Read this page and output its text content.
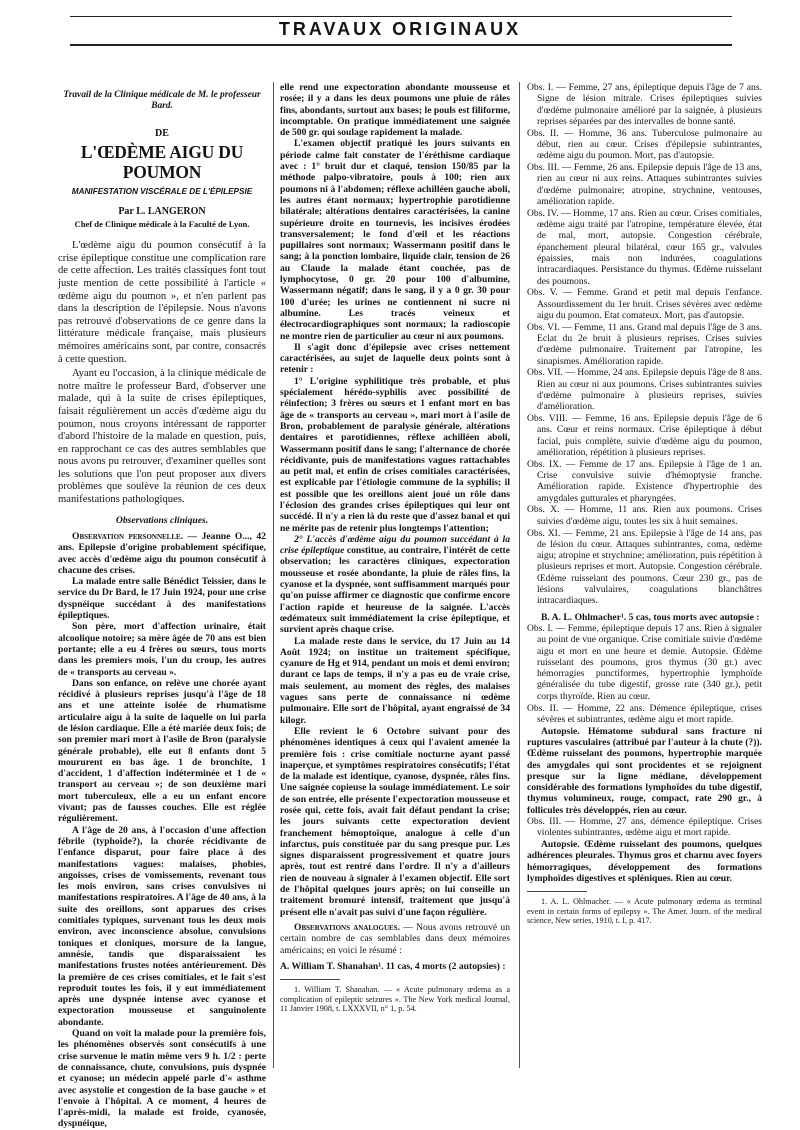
TRAVAUX ORIGINAUX

Travail de la Clinique médicale de M. le professeur Bard.

DE

L'ŒDÈME AIGU DU POUMON

MANIFESTATION VISCÉRALE DE L'ÉPILEPSIE

Par L. LANGERON

Chef de Clinique médicale à la Faculté de Lyon.

L'œdème aigu du poumon consécutif à la crise épileptique constitue une complication rare de cette affection. Les traités classiques font tout juste mention de cette possibilité à l'article « œdème aigu du poumon », et n'en parlent pas dans la description de l'épilepsie. Nous n'avons pas retrouvé d'observations de ce genre dans la littérature médicale française, mais plusieurs mémoires américains sont, par contre, consacrés à cette question.

Ayant eu l'occasion, à la clinique médicale de notre maître le professeur Bard, d'observer une malade, qui à la suite de crises épileptiques, faisait régulièrement un accès d'œdème aigu du poumon, nous croyons intéressant de rapporter d'abord l'histoire de la malade en question, puis, en rapprochant ce cas des autres semblables que nous avons pu retrouver, d'examiner quelles sont les solutions que l'on peut proposer aux divers problèmes que soulève la réunion de ces deux manifestations pathologiques.

Observations cliniques.

Observation personnelle. — Jeanne O..., 42 ans. Epilepsie d'origine probablement spécifique, avec accès d'œdème aigu du poumon consécutif à chacune des crises.

La malade entre salle Bénédict Teissier, dans le service du Dr Bard, le 17 Juin 1924, pour une crise dyspnéique succédant à des manifestations épileptiques.

Son père, mort d'affection urinaire, était alcoolique notoire; sa mère âgée de 70 ans est bien portante; elle a eu 4 frères ou sœurs, tous morts dans les premiers mois, l'un du croup, les autres de « transports au cerveau ».

Dans son enfance, on relève une chorée ayant récidivé à plusieurs reprises jusqu'à l'âge de 18 ans et une atteinte isolée de rhumatisme articulaire aigu à la suite de laquelle on lui parla de lésion cardiaque. Elle a été mariée deux fois; de son premier mari mort à l'asile de Bron (paralysie générale probable), elle eut 8 enfants dont 5 moururent en bas âge. 1 de bronchite, 1 d'accident, 1 d'affection indéterminée et 1 de « transport au cerveau »; de son deuxième mari mort tuberculeux, elle a eu un enfant encore vivant; pas de fausses couches. Elle est réglée régulièrement.

A l'âge de 20 ans, à l'occasion d'une affection fébrile (typhoïde?), la chorée récidivante de l'enfance disparut, pour faire place à des manifestations vagues: malaises, phobies, angoisses, crises de vomissements, revenant tous les mois environ, sans crises convulsives ni manifestations respiratoires. A l'âge de 40 ans, à la suite des oreillons, sont apparues des crises comitiales typiques, survenant tous les deux mois environ, avec inconscience absolue, convulsions toniques et cloniques, morsure de la langue, amnésie, tandis que disparaissaient les manifestations frustes notées antérieurement. Dès la première de ces crises comitiales, et le fait s'est reproduit toutes les fois, il y eut immédiatement après une dyspnée intense avec cyanose et expectoration mousseuse et sanguinolente abondante.

Quand on voit la malade pour la première fois, les phénomènes observés sont consécutifs à une crise survenue le matin même vers 9 h. 1/2 : perte de connaissance, chute, convulsions, puis dyspnée et cyanose; un médecin appelé parle d'« asthme avec asystolie et congestion de la base gauche » et l'envoie à l'hôpital. A ce moment, 4 heures de l'après-midi, la malade est froide, cyanosée, dyspnéique,

elle rend une expectoration abondante mousseuse et rosée; il y a dans les deux poumons une pluie de râles fins, abondants, surtout aux bases; le pouls est filiforme, incomptable. On pratique immédiatement une saignée de 500 gr. qui soulage rapidement la malade.

L'examen objectif pratiqué les jours suivants en période calme fait constater de l'éréthisme cardiaque avec : 1° bruit dur et claqué, tension 150/85 par la méthode palpo-vibratoire, pouls à 100; rien aux poumons ni à l'abdomen; réflexe achilléen gauche aboli, les autres étant normaux; hypertrophie parotidienne bilatérale; altérations dentaires caractérisées, la canine supérieure droite en tournevis, les incisives érodées transversalement; le fond d'œil et les réactions pupillaires sont normaux; Wassermann positif dans le sang; à la ponction lombaire, liquide clair, tension de 26 au Claude la malade étant couchée, pas de lymphocytose, 0 gr. 20 pour 100 d'albumine, Wassermann négatif; dans le sang, il y a 0 gr. 30 pour 100 d'urée; les urines ne contiennent ni sucre ni albumine. Les tracés veineux et électrocardiographiques sont normaux; la radioscopie ne montre rien de particulier au cœur ni aux poumons.

Il s'agit donc d'épilepsie avec crises nettement caractérisées, au sujet de laquelle deux points sont à retenir :

1° L'origine syphilitique très probable, et plus spécialement hérédo-syphilis avec possibilité de réinfection; 3 frères ou sœurs et 1 enfant mort en bas âge de « transports au cerveau », mari mort à l'asile de Bron, probablement de paralysie générale, altérations dentaires et parotidiennes, réflexe achilléen aboli, Wassermann positif dans le sang; l'alternance de chorée récidivante, puis de manifestations vagues rattachables au petit mal, et enfin de crises comitiales caractérisées, est explicable par l'étiologie commune de la syphilis; il est possible que les oreillons aient joué un rôle dans l'éclosion des grandes crises épileptiques qui leur ont succédé. Il n'y a rien là du reste que d'assez banal et qui ne mérite pas de retenir plus longtemps l'attention;

2° L'accès d'œdème aigu du poumon succédant à la crise épileptique constitue, au contraire, l'intérêt de cette observation; les caractères cliniques, expectoration mousseuse et rosée abondante, la pluie de râles fins, la cyanose et la dyspnée, sont suffisamment marqués pour qu'on puisse affirmer ce diagnostic que confirme encore l'action rapide et heureuse de la saignée. L'accès œdémateux suit immédiatement la crise épileptique, et survient après chaque crise.

La malade reste dans le service, du 17 Juin au 14 Août 1924; on institue un traitement spécifique, cyanure de Hg et 914, pendant un mois et demi environ; durant ce laps de temps, il n'y a pas eu de vraie crise, mais seulement, au moment des règles, des malaises vagues sans perte de connaissance ni œdème pulmonaire. Elle sort de l'hôpital, ayant engraissé de 34 kilogr.

Elle revient le 6 Octobre suivant pour des phénomènes identiques à ceux qui l'avaient amenée la première fois : crise comitiale nocturne ayant passé inaperçue, et symptômes respiratoires consécutifs; l'état de la malade est identique, cyanose, dyspnée, râles fins. Une saignée copieuse la soulage immédiatement. Le soir de son entrée, elle présente l'expectoration mousseuse et rosée qui, cette fois, avait fait défaut pendant la crise; les jours suivants cette expectoration devient franchement hémoptoïque, analogue à celle d'un infarctus, puis constituée par du sang presque pur. Les signes disparaissent progressivement et quatre jours après, tout est rentré dans l'ordre. Il n'y a d'ailleurs rien de nouveau à signaler à l'examen objectif. Elle sort de l'hôpital quelques jours après; on lui conseille un traitement bromuré intensif, traitement que jusqu'à présent elle n'avait pas suivi d'une façon régulière.

Observations analogues. — Nous avons retrouvé un certain nombre de cas semblables dans deux mémoires américains; en voici le résumé :

A. William T. Shanahan¹. 11 cas, 4 morts (2 autopsies) :

1. William T. Shanahan. — « Acute pulmonary œdema as a complication of epileptic seizures ». The New York medical Journal, 11 Janvier 1908, t. LXXXVII, n° 1, p. 54.

Obs. I. — Femme, 27 ans, épileptique depuis l'âge de 7 ans. Signe de lésion mitrale. Crises épileptiques suivies d'œdème pulmonaire amélioré par la saignée, à plusieurs reprises séparées par des intervalles de bonne santé.

Obs. II. — Homme, 36 ans. Tuberculose pulmonaire au début, rien au cœur. Crises d'épilepsie subintrantes, œdème aigu du poumon. Mort, pas d'autopsie.

Obs. III. — Femme, 26 ans. Epilepsie depuis l'âge de 13 ans, rien au cœur ni aux reins. Attaques subintrantes suivies d'œdème pulmonaire; atropine, strychnine, ventouses, amélioration rapide.

Obs. IV. — Homme, 17 ans. Rien au cœur. Crises comitiales, œdème aigu traité par l'atropine, température élevée, état de mal, mort, autopsie. Congestion cérébrale, épanchement pleural bilatéral, cœur 165 gr., valvules épaissies, mais non indurées, coagulations intracardiaques. Persistance du thymus. Œdème ruisselant des poumons.

Obs. V. — Femme. Grand et petit mal depuis l'enfance. Assourdissement du 1er bruit. Crises sévères avec œdème aigu du poumon. Etat comateux. Mort, pas d'autopsie.

Obs. VI. — Femme, 11 ans. Grand mal depuis l'âge de 3 ans. Eclat du 2e bruit à plusieurs reprises. Crises suivies d'œdème pulmonaire. Traitement par l'atropine, les sinapismes. Amélioration rapide.

Obs. VII. — Homme, 24 ans. Epilepsie depuis l'âge de 8 ans. Rien au cœur ni aux poumons. Crises subintrantes suivies d'œdème pulmonaire à plusieurs reprises, suivies d'amélioration.

Obs. VIII. — Femme, 16 ans. Epilepsie depuis l'âge de 6 ans. Cœur et reins normaux. Crise épileptique à début facial, puis complète, suivie d'œdème aigu du poumon, amélioration, répétition à plusieurs reprises.

Obs. IX. — Femme de 17 ans. Epilepsie à l'âge de 1 an. Crise convulsive suivie d'hémoptysie franche. Amélioration rapide. Existence d'hypertrophie des amygdales gutturales et pharyngées.

Obs. X. — Homme, 11 ans. Rien aux poumons. Crises suivies d'œdème aigu, toutes les six à huit semaines.

Obs. XI. — Femme, 21 ans. Epilepsie à l'âge de 14 ans, pas de lésion du cœur. Attaques subintrantes, coma, œdème aigu; atropine et strychnine; amélioration, puis répétition à plusieurs reprises et mort. Autopsie. Congestion cérébrale. Œdème ruisselant des poumons. Cœur 230 gr., pas de lésions valvulaires, coagulations blanchâtres intracardiaques.

B. A. L. Ohlmacher¹. 5 cas, tous morts avec autopsie :

Obs. I. — Femme, épileptique depuis 17 ans. Rien à signaler au point de vue organique. Crise comitiale suivie d'œdème aigu et mort en une heure et demie. Autopsie. Œdème ruisselant des poumons, gros thymus (30 gr.) avec hémorragies punctiformes, hypertrophie lymphoïde généralisée du tube digestif, grosse rate (340 gr.), petit corps thyroïde. Rien au cœur.

Obs. II. — Homme, 22 ans. Démence épileptique, crises sévères et subintrantes, œdème aigu et mort rapide.

Autopsie. Hématome subdural sans fracture ni ruptures vasculaires (attribué par l'auteur à la chute (?)). Œdème ruisselant des poumons, hypertrophie marquée des amygdales qui sont procidentes et se rejoignent presque sur la ligne médiane, développement considérable des formations lymphoïdes du tube digestif, thymus volumineux, rouge, compact, rate 290 gr., à follicules très développés, rien au cœur.

Obs. III. — Homme, 27 ans, démence épileptique. Crises violentes subintrantes, œdème aigu et mort rapide.

Autopsie. Œdème ruisselant des poumons, quelques adhérences pleurales. Thymus gros et charnu avec foyers hémorragiques, développement des formations lymphoïdes digestives et spléniques. Rien au cœur.

1. A. L. Ohlmacher. — « Acute pulmonary œdema as terminal event in certain forms of epilepsy ». The Amer. Journ. of the medical science, New series, 1910, t. I, p. 417.
